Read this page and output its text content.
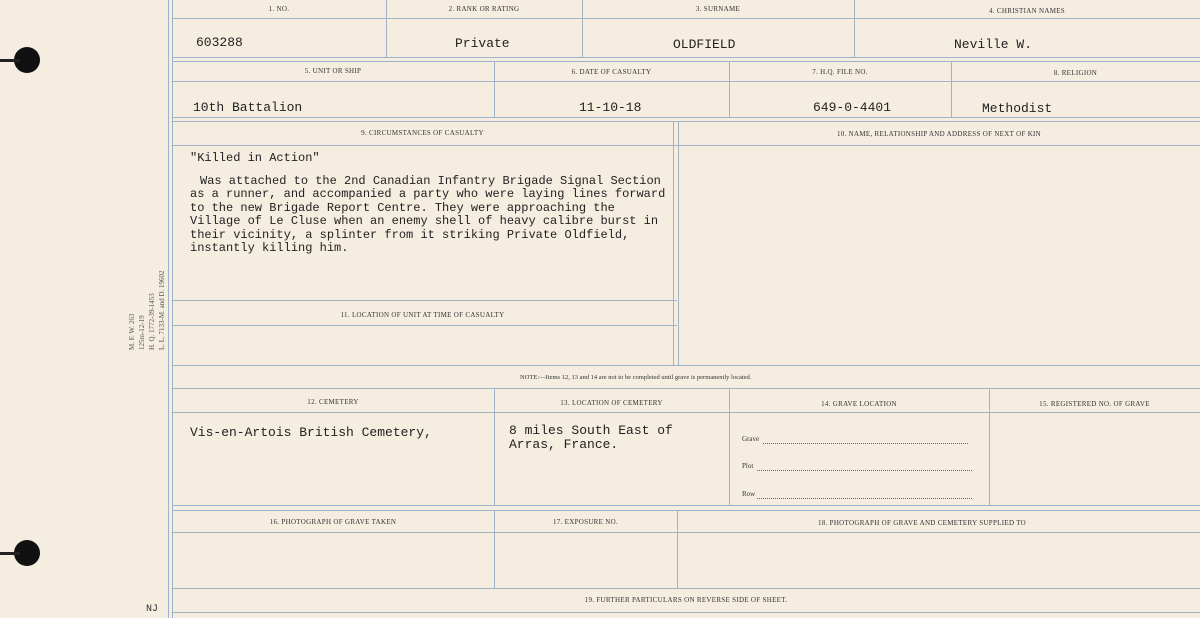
M. F. W. 263 125m-12-19 H. Q. 1772-39-1453 L. L. 7133-M. and D. 19602
1. NO.	2. RANK OR RATING	3. SURNAME	4. CHRISTIAN NAMES
603288	Private	OLDFIELD	Neville W.
5. UNIT OR SHIP	6. DATE OF CASUALTY	7. H.Q. FILE NO.	8. RELIGION
10th Battalion	11-10-18	649-0-4401	Methodist
9. CIRCUMSTANCES OF CASUALTY	10. NAME, RELATIONSHIP AND ADDRESS OF NEXT OF KIN

"Killed in Action"

Was attached to the 2nd Canadian Infantry Brigade Signal Section as a runner, and accompanied a party who were laying lines forward to the new Brigade Report Centre. They were approaching the Village of Le Cluse when an enemy shell of heavy calibre burst in their vicinity, a splinter from it striking Private Oldfield, instantly killing him.

11. LOCATION OF UNIT AT TIME OF CASUALTY
NOTE:—Items 12, 13 and 14 are not to be completed until grave is permanently located.
12. CEMETERY	13. LOCATION OF CEMETERY	14. GRAVE LOCATION	15. REGISTERED NO. OF GRAVE
Vis-en-Artois British Cemetery,	8 miles South East of Arras, France.	Grave
Plot
Row
16. PHOTOGRAPH OF GRAVE TAKEN	17. EXPOSURE NO.	18. PHOTOGRAPH OF GRAVE AND CEMETERY SUPPLIED TO
19. FURTHER PARTICULARS ON REVERSE SIDE OF SHEET.
NJ
